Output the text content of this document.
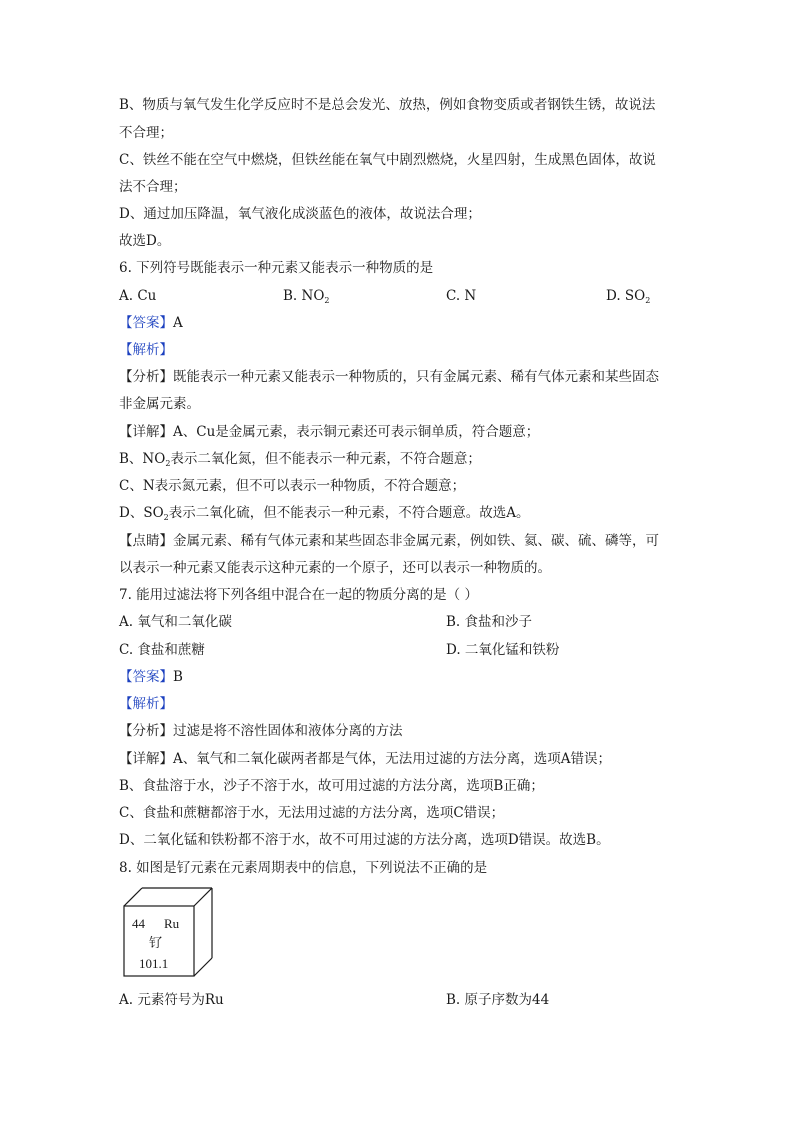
B、物质与氧气发生化学反应时不是总会发光、放热，例如食物变质或者钢铁生锈，故说法
不合理；
C、铁丝不能在空气中燃烧，但铁丝能在氧气中剧烈燃烧，火星四射，生成黑色固体，故说
法不合理；
D、通过加压降温，氧气液化成淡蓝色的液体，故说法合理；
故选D。
6. 下列符号既能表示一种元素又能表示一种物质的是
A. Cu	B. $NO_2$	C. N	D. $SO_2$
【答案】A
【解析】
【分析】既能表示一种元素又能表示一种物质的，只有金属元素、稀有气体元素和某些固态
非金属元素。
【详解】A、Cu是金属元素，表示铜元素还可表示铜单质，符合题意；
B、$NO_2$表示二氧化氮，但不能表示一种元素，不符合题意；
C、N表示氮元素，但不可以表示一种物质，不符合题意；
D、$SO_2$表示二氧化硫，但不能表示一种元素，不符合题意。故选A。
【点睛】金属元素、稀有气体元素和某些固态非金属元素，例如铁、氦、碳、硫、磷等，可
以表示一种元素又能表示这种元素的一个原子，还可以表示一种物质的。
7. 能用过滤法将下列各组中混合在一起的物质分离的是（ ）
A. 氧气和二氧化碳	B. 食盐和沙子
C. 食盐和蔗糖	D. 二氧化锰和铁粉
【答案】B
【解析】
【分析】过滤是将不溶性固体和液体分离的方法
【详解】A、氧气和二氧化碳两者都是气体，无法用过滤的方法分离，选项A错误；
B、食盐溶于水，沙子不溶于水，故可用过滤的方法分离，选项B正确；
C、食盐和蔗糖都溶于水，无法用过滤的方法分离，选项C错误；
D、二氧化锰和铁粉都不溶于水，故不可用过滤的方法分离，选项D错误。故选B。
8. 如图是钌元素在元素周期表中的信息，下列说法不正确的是
44 Ru
钌
101.1
A. 元素符号为Ru	B. 原子序数为44
